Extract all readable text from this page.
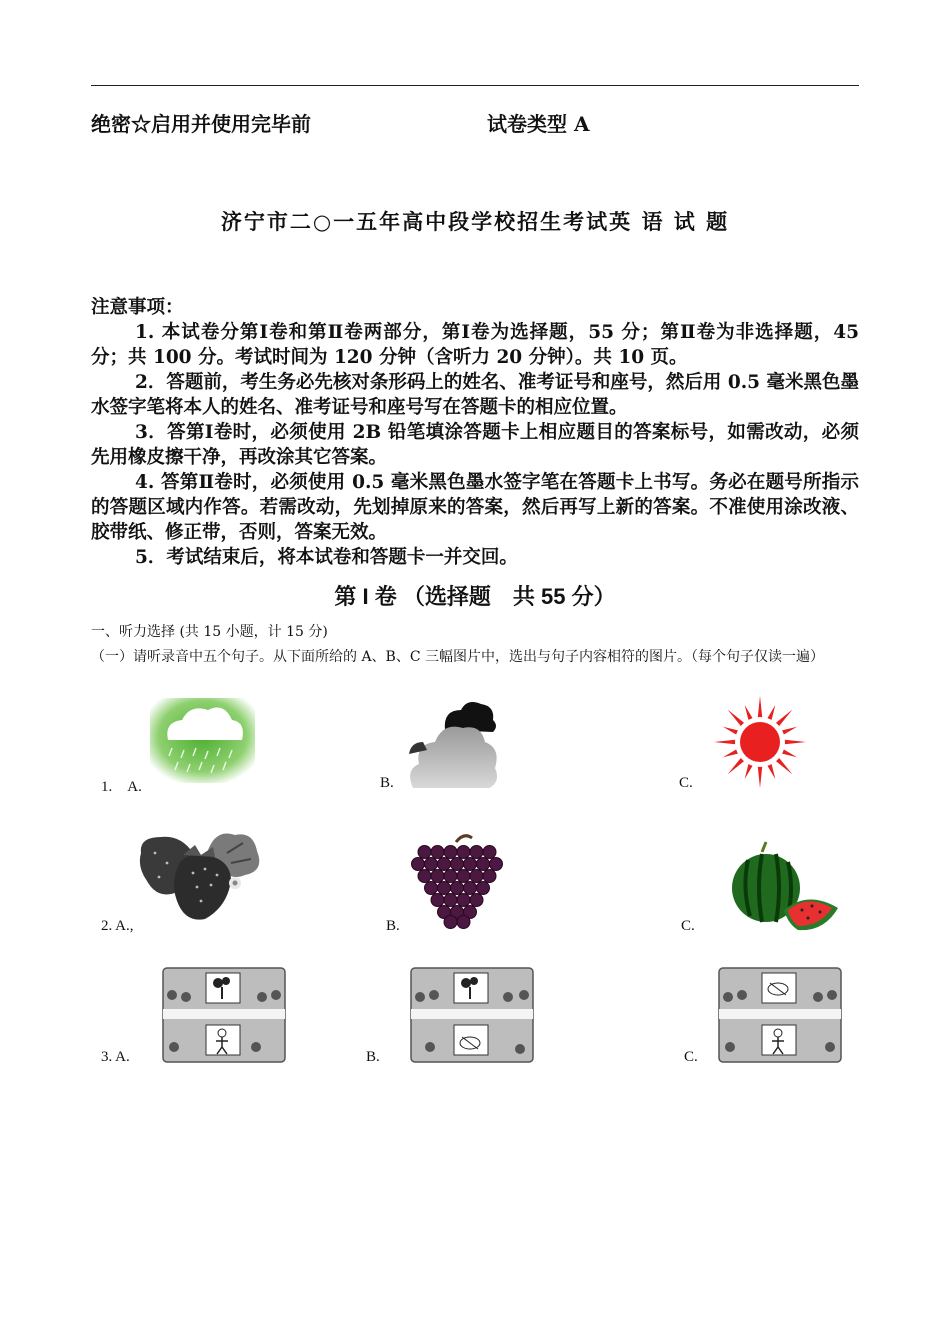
绝密☆启用并使用完毕前	试卷类型 A
济宁市二○一五年高中段学校招生考试英 语 试 题

注意事项：

1. 本试卷分第Ⅰ卷和第Ⅱ卷两部分，第Ⅰ卷为选择题，55 分；第Ⅱ卷为非选择题，45 分；共 100 分。考试时间为 120 分钟（含听力 20 分钟）。共 10 页。

2．答题前，考生务必先核对条形码上的姓名、准考证号和座号，然后用 0.5 毫米黑色墨水签字笔将本人的姓名、准考证号和座号写在答题卡的相应位置。

3．答第Ⅰ卷时，必须使用 2B 铅笔填涂答题卡上相应题目的答案标号，如需改动，必须先用橡皮擦干净，再改涂其它答案。

4. 答第Ⅱ卷时，必须使用 0.5 毫米黑色墨水签字笔在答题卡上书写。务必在题号所指示的答题区域内作答。若需改动，先划掉原来的答案，然后再写上新的答案。不准使用涂改液、胶带纸、修正带，否则，答案无效。

5．考试结束后，将本试卷和答题卡一并交回。

第 I 卷 （选择题　共 55 分）
一、听力选择 (共 15 小题，计 15 分)
（一）请听录音中五个句子。从下面所给的 A、B、C 三幅图片中，选出与句子内容相符的图片。（每个句子仅读一遍）
1.　A.	B.	C.
2. A.,	B.	C.
3. A.	B.	C.
